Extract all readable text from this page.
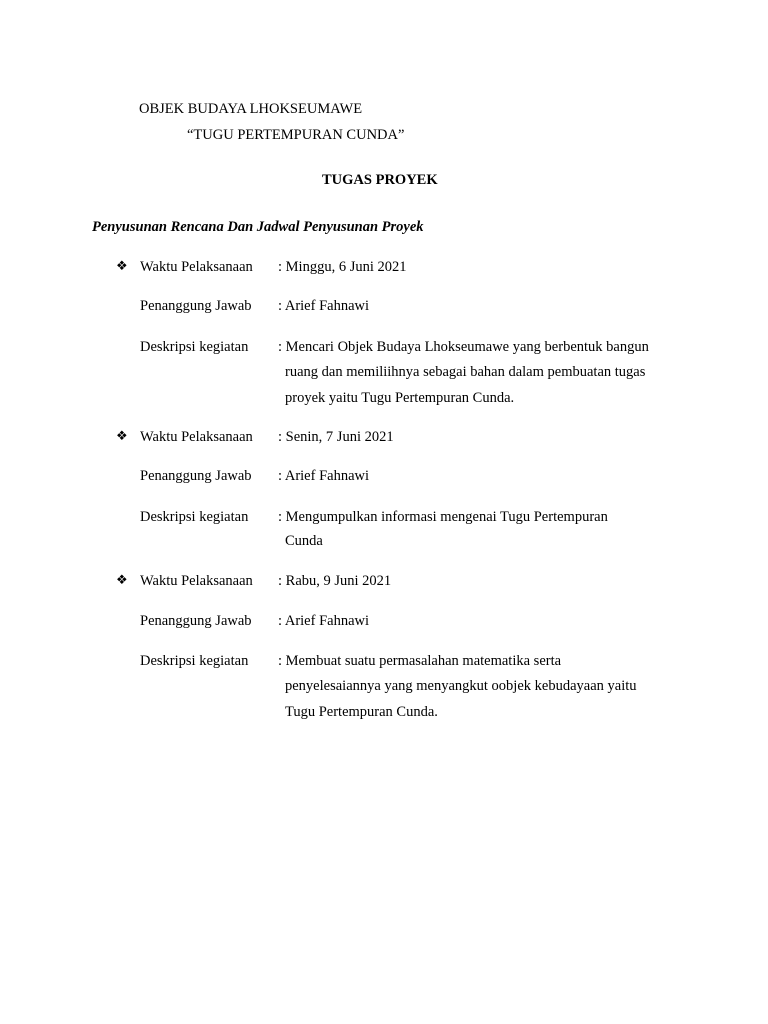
OBJEK BUDAYA LHOKSEUMAWE
“TUGU PERTEMPURAN CUNDA”
TUGAS PROYEK
Penyusunan Rencana Dan Jadwal Penyusunan Proyek
❖ Waktu Pelaksanaan : Minggu, 6 Juni 2021
Penanggung Jawab : Arief Fahnawi
Deskripsi kegiatan : Mencari Objek Budaya Lhokseumawe yang berbentuk bangun
ruang dan memiliihnya sebagai bahan dalam pembuatan tugas
proyek yaitu Tugu Pertempuran Cunda.
❖ Waktu Pelaksanaan : Senin, 7 Juni 2021
Penanggung Jawab : Arief Fahnawi
Deskripsi kegiatan : Mengumpulkan informasi mengenai Tugu Pertempuran
Cunda
❖ Waktu Pelaksanaan : Rabu, 9 Juni 2021
Penanggung Jawab : Arief Fahnawi
Deskripsi kegiatan : Membuat suatu permasalahan matematika serta
penyelesaiannya yang menyangkut oobjek kebudayaan yaitu
Tugu Pertempuran Cunda.
